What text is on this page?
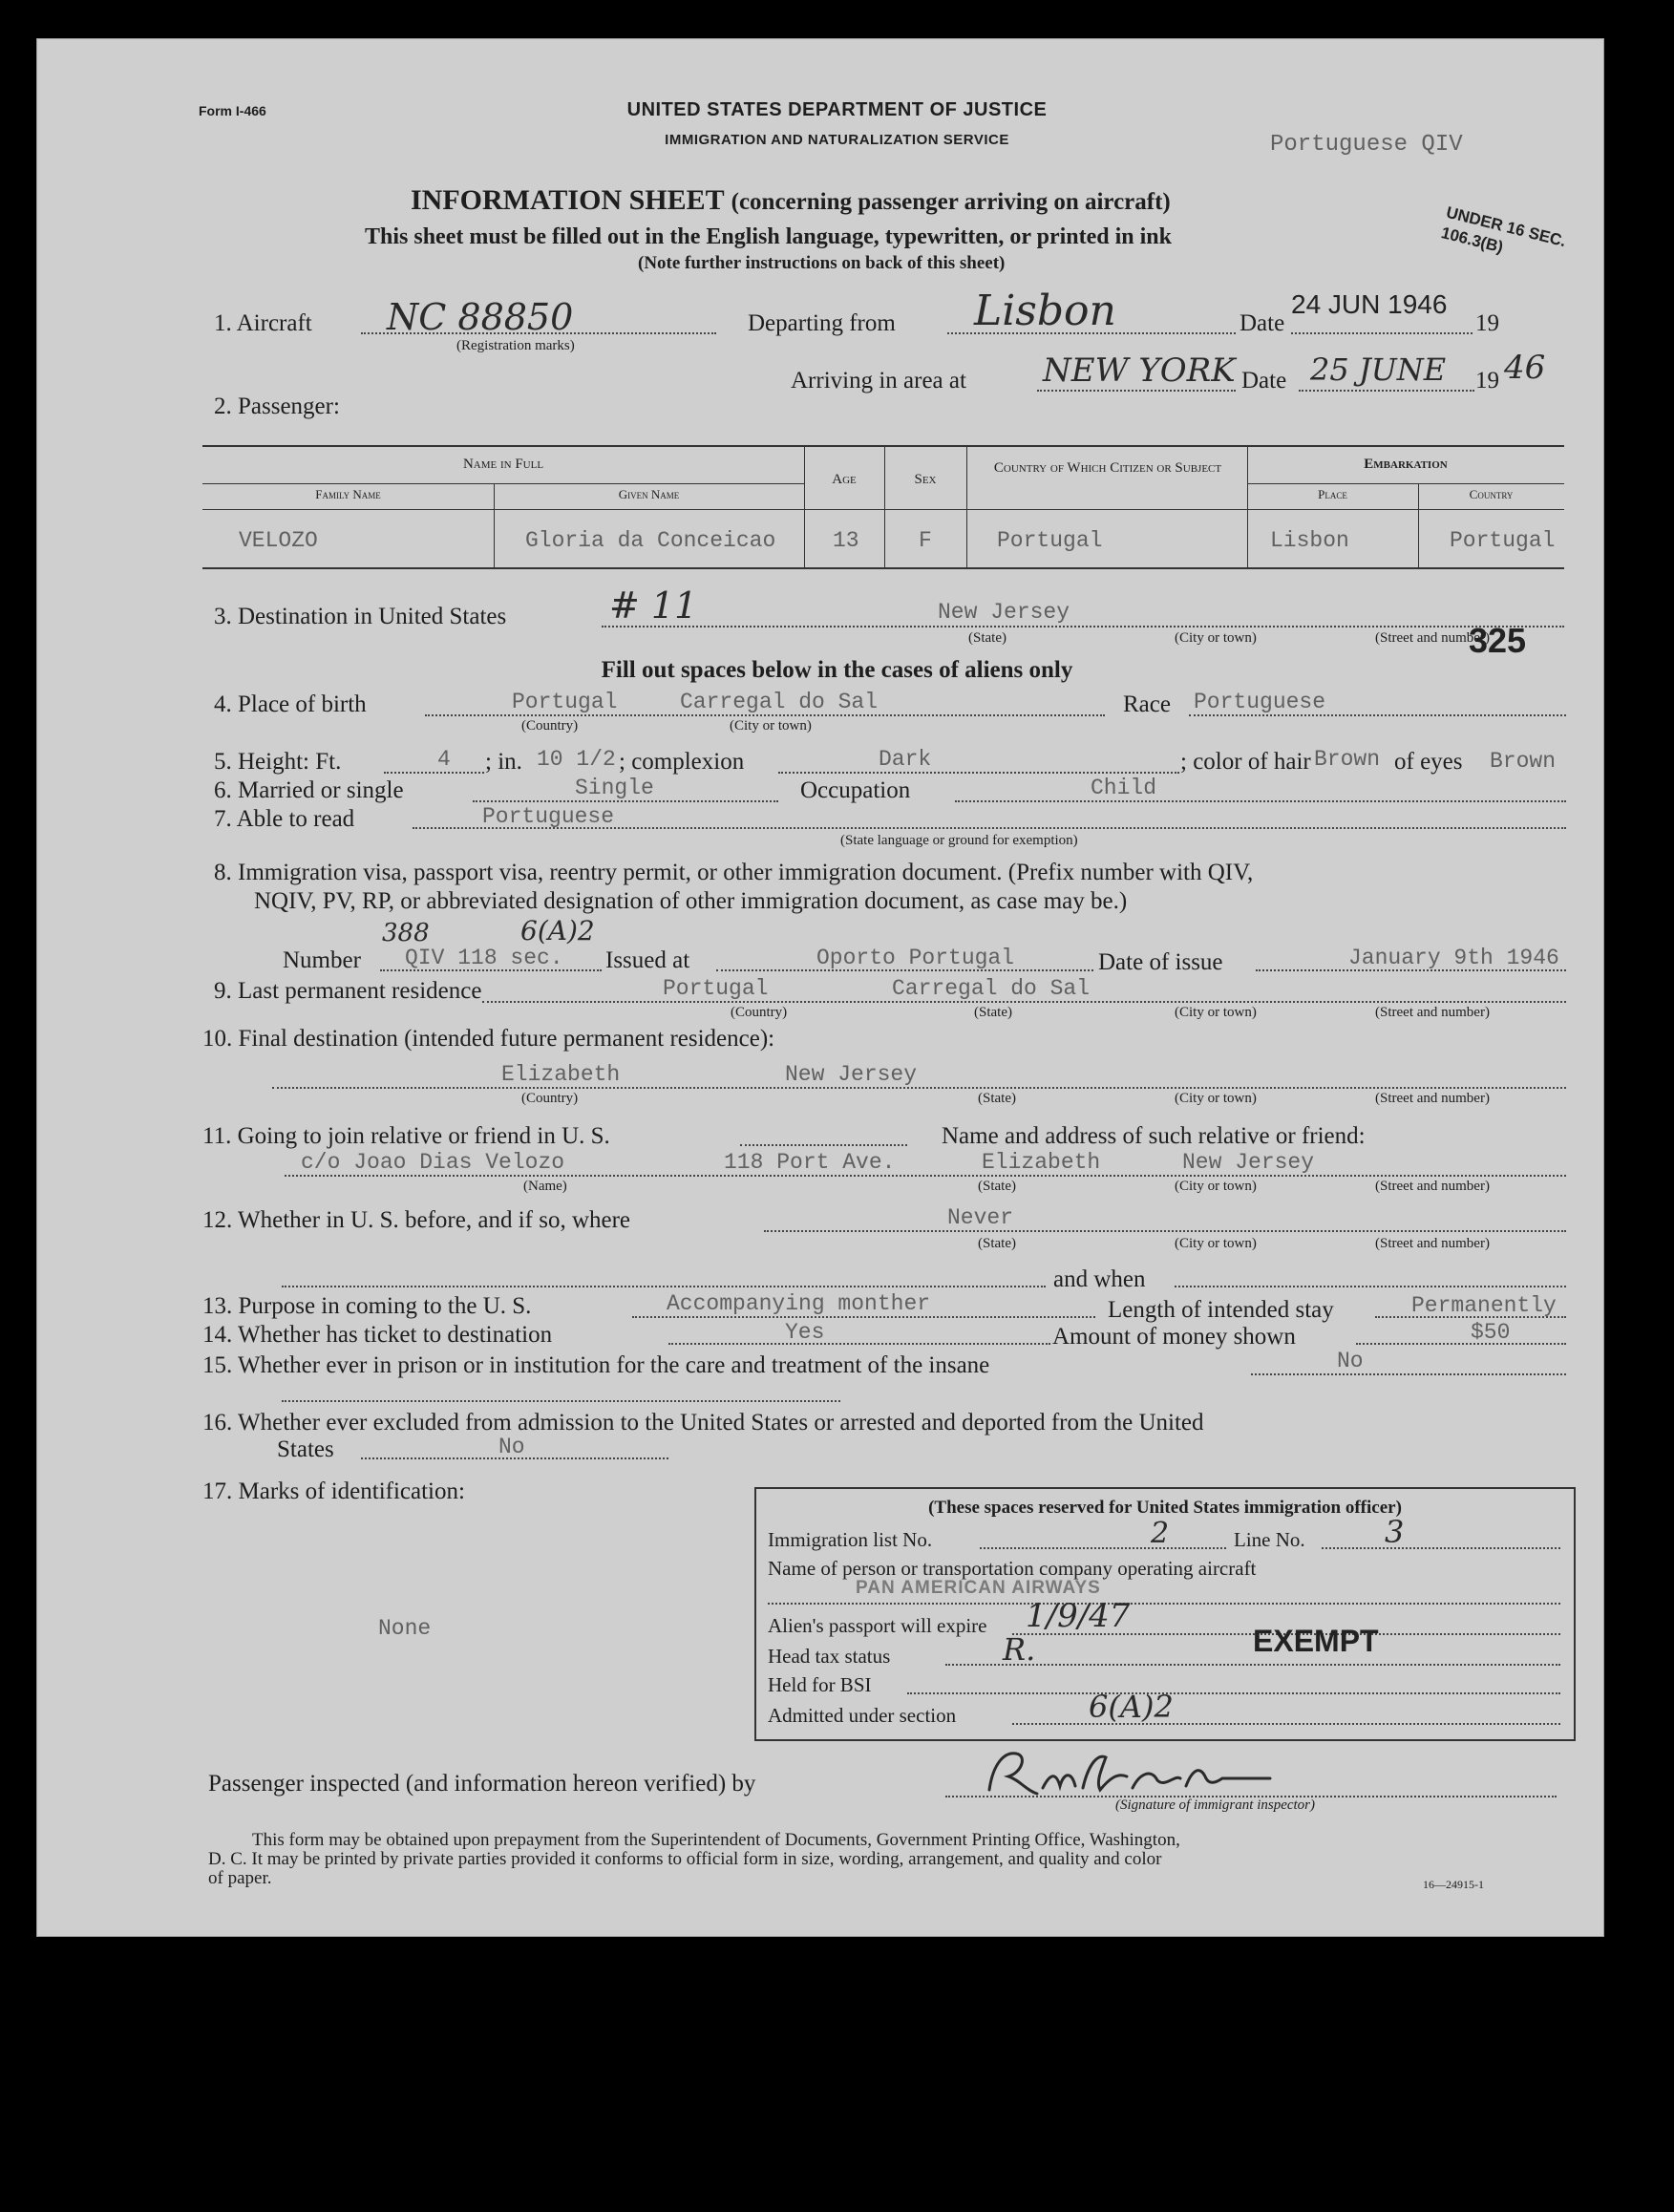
Form I-466	UNITED STATES DEPARTMENT OF JUSTICE
IMMIGRATION AND NATURALIZATION SERVICE	Portuguese QIV
INFORMATION SHEET (concerning passenger arriving on aircraft)
This sheet must be filled out in the English language, typewritten, or printed in ink
(Note further instructions on back of this sheet)
UNDER 16 SEC. 106.3(B)
1. Aircraft NC 88850
(Registration marks)
Departing from Lisbon	Date
24 JUN 1946
19
Arriving in area at NEW YORK Date 25 JUNE 19 46
2. Passenger:
Name in Full
Family Name	Given Name
Age	Sex
Country of Which Citizen or Subject	Embarkation
Place	Country
VELOZO	Gloria da Conceicao	13	F	Portugal	Lisbon	Portugal
3. Destination in United States	# 11	New Jersey
(State)	(City or town)	(Street and number)
325
Fill out spaces below in the cases of aliens only
4. Place of birth	Portugal	Carregal do Sal
(Country)	(City or town)
Race Portuguese
5. Height: Ft.	4 ; in. 10 1/2 ; complexion	Dark	; color of hair Brown of eyes Brown
6. Married or single	Single	Occupation	Child
7. Able to read	Portuguese
(State language or ground for exemption)
8. Immigration visa, passport visa, reentry permit, or other immigration document. (Prefix number with QIV,
NQIV, PV, RP, or abbreviated designation of other immigration document, as case may be.)
388	6(A)2
Number QIV 118 sec. Issued at	Oporto Portugal	Date of issue	January 9th 1946
9. Last permanent residence	Portugal	Carregal do Sal
(Country)	(State)	(City or town)	(Street and number)
10. Final destination (intended future permanent residence):
Elizabeth	New Jersey
(Country)	(State)	(City or town)	(Street and number)
11. Going to join relative or friend in U. S.	Name and address of such relative or friend:
c/o Joao Dias Velozo	118 Port Ave.	Elizabeth	New Jersey
(Name)	(State)	(City or town)	(Street and number)
12. Whether in U. S. before, and if so, where	Never
(State)	(City or town)	(Street and number)
and when
13. Purpose in coming to the U. S.	Accompanying monther	Length of intended stay	Permanently
14. Whether has ticket to destination	Yes	Amount of money shown	$50
15. Whether ever in prison or in institution for the care and treatment of the insane	No
16. Whether ever excluded from admission to the United States or arrested and deported from the United
States	No
17. Marks of identification:
None
(These spaces reserved for United States immigration officer)
Immigration list No.	2	Line No.	3
Name of person or transportation company operating aircraft
PAN AMERICAN AIRWAYS
Alien's passport will expire 1/9/47
Head tax status	R.	EXEMPT
Held for BSI
Admitted under section	6(A)2
Passenger inspected (and information hereon verified) by
(Signature of immigrant inspector)
This form may be obtained upon prepayment from the Superintendent of Documents, Government Printing Office, Washington,
D. C. It may be printed by private parties provided it conforms to official form in size, wording, arrangement, and quality and color
of paper.	16—24915-1
